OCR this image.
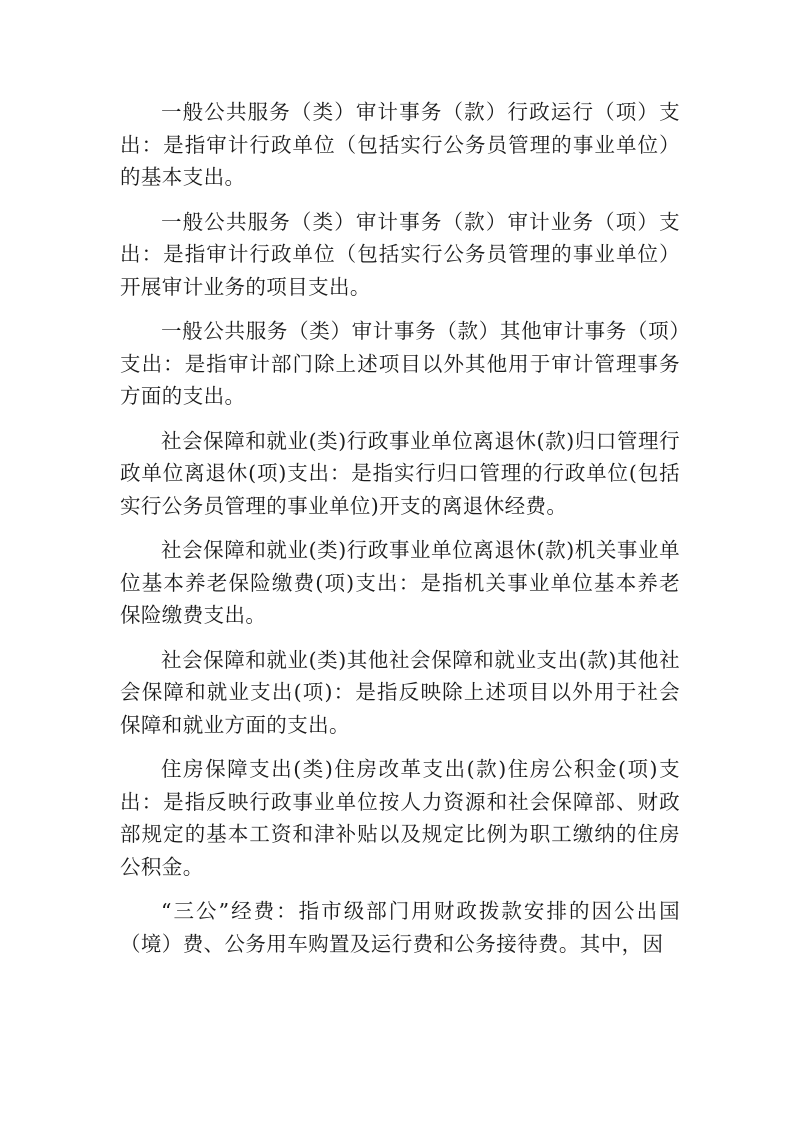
一般公共服务（类）审计事务（款）行政运行（项）支出：是指审计行政单位（包括实行公务员管理的事业单位）的基本支出。

一般公共服务（类）审计事务（款）审计业务（项）支出：是指审计行政单位（包括实行公务员管理的事业单位）开展审计业务的项目支出。

一般公共服务（类）审计事务（款）其他审计事务（项）支出：是指审计部门除上述项目以外其他用于审计管理事务方面的支出。

社会保障和就业(类)行政事业单位离退休(款)归口管理行政单位离退休(项)支出：是指实行归口管理的行政单位(包括实行公务员管理的事业单位)开支的离退休经费。

社会保障和就业(类)行政事业单位离退休(款)机关事业单位基本养老保险缴费(项)支出：是指机关事业单位基本养老保险缴费支出。

社会保障和就业(类)其他社会保障和就业支出(款)其他社会保障和就业支出(项)：是指反映除上述项目以外用于社会保障和就业方面的支出。

住房保障支出(类)住房改革支出(款)住房公积金(项)支出：是指反映行政事业单位按人力资源和社会保障部、财政部规定的基本工资和津补贴以及规定比例为职工缴纳的住房公积金。

“三公”经费：指市级部门用财政拨款安排的因公出国（境）费、公务用车购置及运行费和公务接待费。其中，因
